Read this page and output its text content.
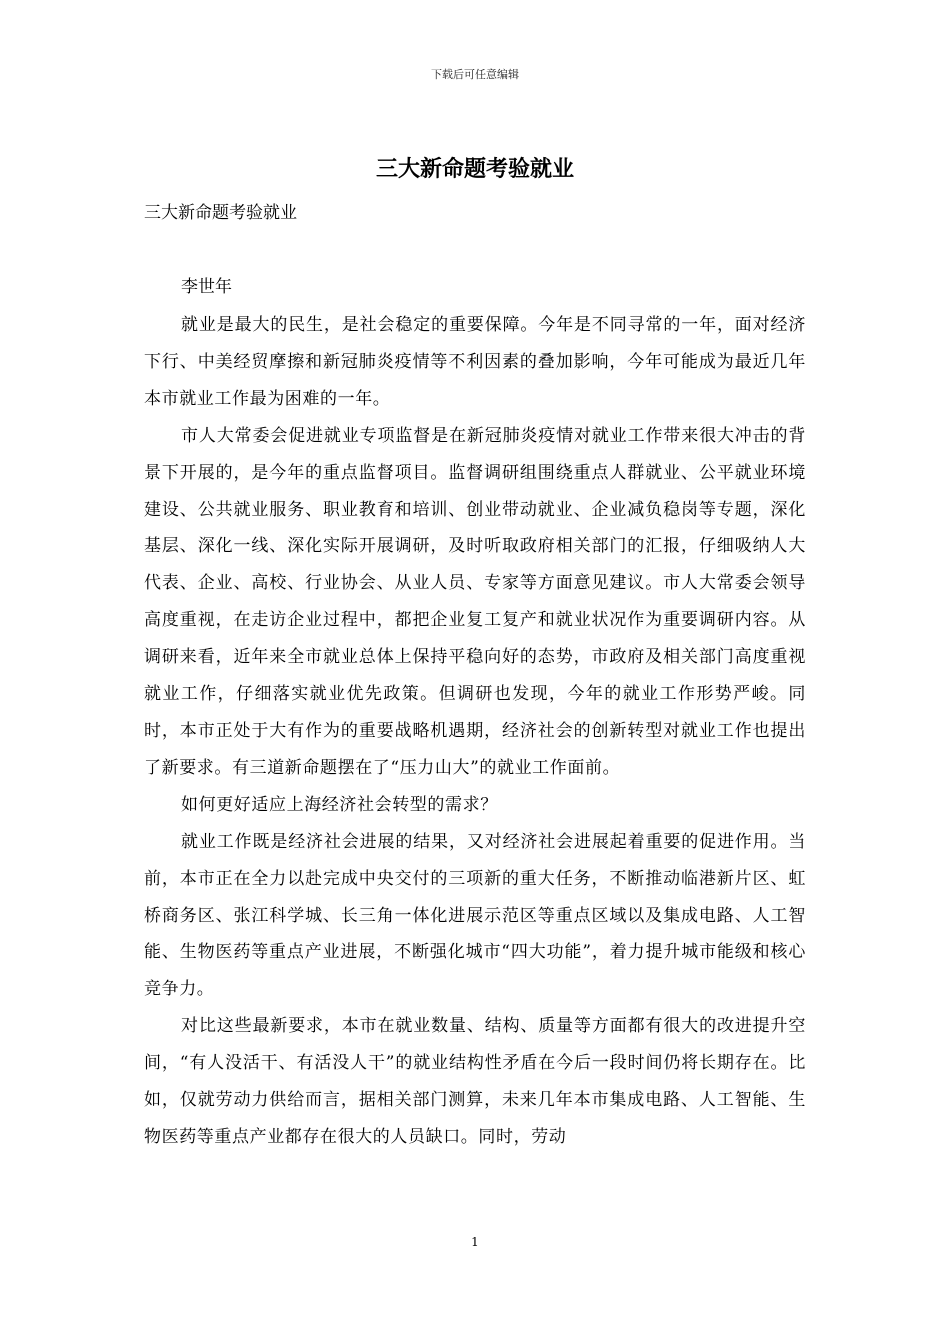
下载后可任意编辑
三大新命题考验就业
三大新命题考验就业
李世年

就业是最大的民生，是社会稳定的重要保障。今年是不同寻常的一年，面对经济下行、中美经贸摩擦和新冠肺炎疫情等不利因素的叠加影响，今年可能成为最近几年本市就业工作最为困难的一年。

市人大常委会促进就业专项监督是在新冠肺炎疫情对就业工作带来很大冲击的背景下开展的，是今年的重点监督项目。监督调研组围绕重点人群就业、公平就业环境建设、公共就业服务、职业教育和培训、创业带动就业、企业减负稳岗等专题，深化基层、深化一线、深化实际开展调研，及时听取政府相关部门的汇报，仔细吸纳人大代表、企业、高校、行业协会、从业人员、专家等方面意见建议。市人大常委会领导高度重视，在走访企业过程中，都把企业复工复产和就业状况作为重要调研内容。从调研来看，近年来全市就业总体上保持平稳向好的态势，市政府及相关部门高度重视就业工作，仔细落实就业优先政策。但调研也发现，今年的就业工作形势严峻。同时，本市正处于大有作为的重要战略机遇期，经济社会的创新转型对就业工作也提出了新要求。有三道新命题摆在了“压力山大”的就业工作面前。

如何更好适应上海经济社会转型的需求？

就业工作既是经济社会进展的结果，又对经济社会进展起着重要的促进作用。当前，本市正在全力以赴完成中央交付的三项新的重大任务，不断推动临港新片区、虹桥商务区、张江科学城、长三角一体化进展示范区等重点区域以及集成电路、人工智能、生物医药等重点产业进展，不断强化城市“四大功能”，着力提升城市能级和核心竞争力。

对比这些最新要求，本市在就业数量、结构、质量等方面都有很大的改进提升空间，“有人没活干、有活没人干”的就业结构性矛盾在今后一段时间仍将长期存在。比如，仅就劳动力供给而言，据相关部门测算，未来几年本市集成电路、人工智能、生物医药等重点产业都存在很大的人员缺口。同时，劳动

1
